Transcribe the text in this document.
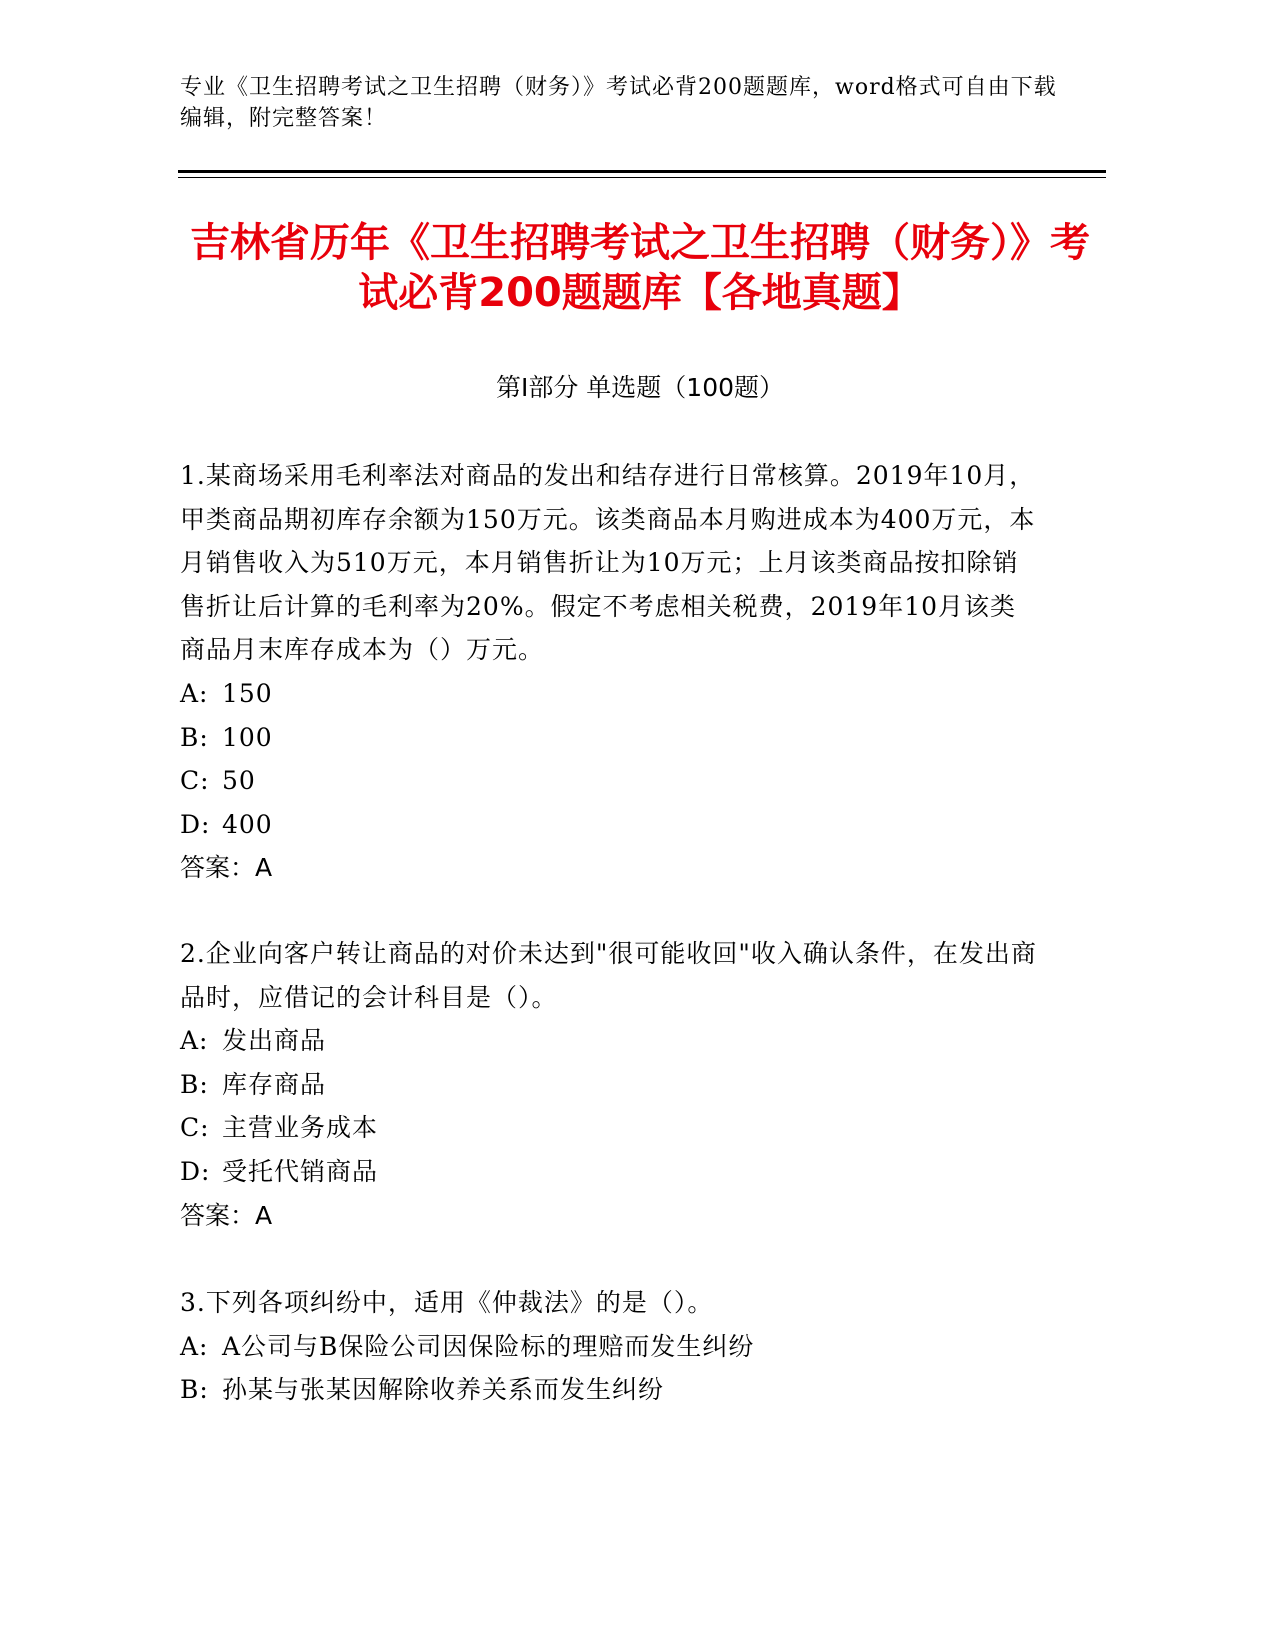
专业《卫生招聘考试之卫生招聘（财务）》考试必背200题题库，word格式可自由下载编辑，附完整答案！
吉林省历年《卫生招聘考试之卫生招聘（财务）》考试必背200题题库【各地真题】
第Ⅰ部分 单选题（100题）

1.某商场采用毛利率法对商品的发出和结存进行日常核算。2019年10月，甲类商品期初库存余额为150万元。该类商品本月购进成本为400万元，本月销售收入为510万元，本月销售折让为10万元；上月该类商品按扣除销售折让后计算的毛利率为20%。假定不考虑相关税费，2019年10月该类商品月末库存成本为（）万元。

A: 150

B: 100

C: 50

D: 400

答案：A

2.企业向客户转让商品的对价未达到"很可能收回"收入确认条件，在发出商品时，应借记的会计科目是（）。

A: 发出商品

B: 库存商品

C: 主营业务成本

D: 受托代销商品

答案：A

3.下列各项纠纷中，适用《仲裁法》的是（）。

A: A公司与B保险公司因保险标的理赔而发生纠纷

B: 孙某与张某因解除收养关系而发生纠纷
